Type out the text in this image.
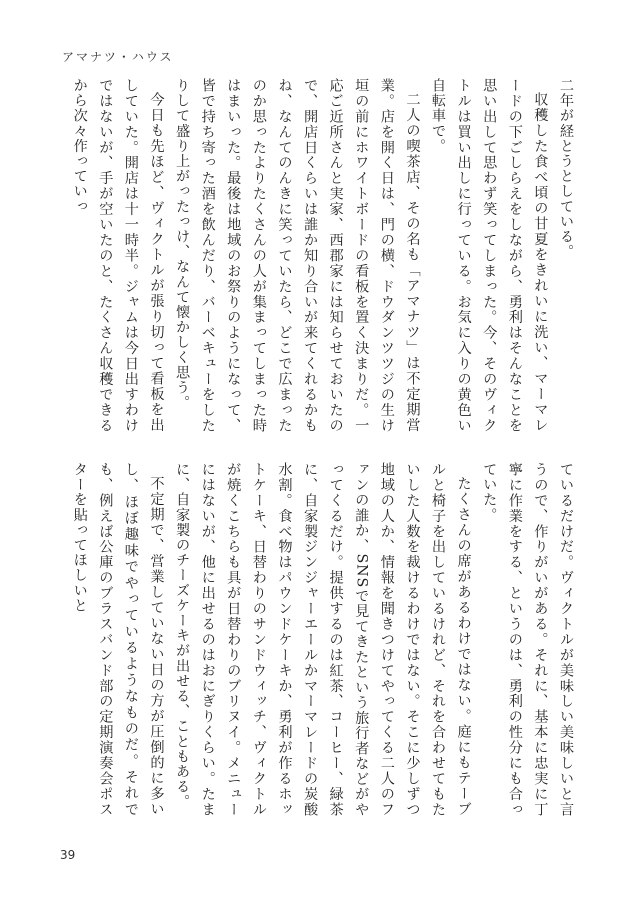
アマナツ・ハウス

二年が経とうとしている。

収穫した食べ頃の甘夏をきれいに洗い、マーマレードの下ごしらえをしながら、勇利はそんなことを思い出して思わず笑ってしまった。今、そのヴィクトルは買い出しに行っている。お気に入りの黄色い自転車で。

二人の喫茶店、その名も「アマナツ」は不定期営業。店を開く日は、門の横、ドウダンツツジの生け垣の前にホワイトボードの看板を置く決まりだ。一応ご近所さんと実家、西郡家には知らせておいたので、開店日くらいは誰か知り合いが来てくれるかもね、なんてのんきに笑っていたら、どこで広まったのか思ったよりたくさんの人が集まってしまった時はまいった。最後は地域のお祭りのようになって、皆で持ち寄った酒を飲んだり、バーベキューをしたりして盛り上がったっけ、なんて懐かしく思う。

今日も先ほど、ヴィクトルが張り切って看板を出していた。開店は十一時半。ジャムは今日出すわけではないが、手が空いたのと、たくさん収穫できるから次々作っていっ

ているだけだ。ヴィクトルが美味しい美味しいと言うので、作りがいがある。それに、基本に忠実に丁寧に作業をする、というのは、勇利の性分にも合っていた。

たくさんの席があるわけではない。庭にもテーブルと椅子を出しているけれど、それを合わせてもたいした人数を裁けるわけではない。そこに少しずつ地域の人か、情報を聞きつけてやってくる二人のファンの誰か、SNSで見てきたという旅行者などがやってくるだけ。提供するのは紅茶、コーヒー、緑茶に、自家製ジンジャーエールかマーマレードの炭酸水割。食べ物はパウンドケーキか、勇利が作るホットケーキ、日替わりのサンドウィッチ、ヴィクトルが焼くこちらも具が日替わりのブリヌイ。メニューにはないが、他に出せるのはおにぎりくらい。たまに、自家製のチーズケーキが出せる、こともある。

不定期で、営業していない日の方が圧倒的に多いし、ほぼ趣味でやっているようなものだ。それでも、例えば公庫のブラスバンド部の定期演奏会ポスターを貼ってほしいと

39
